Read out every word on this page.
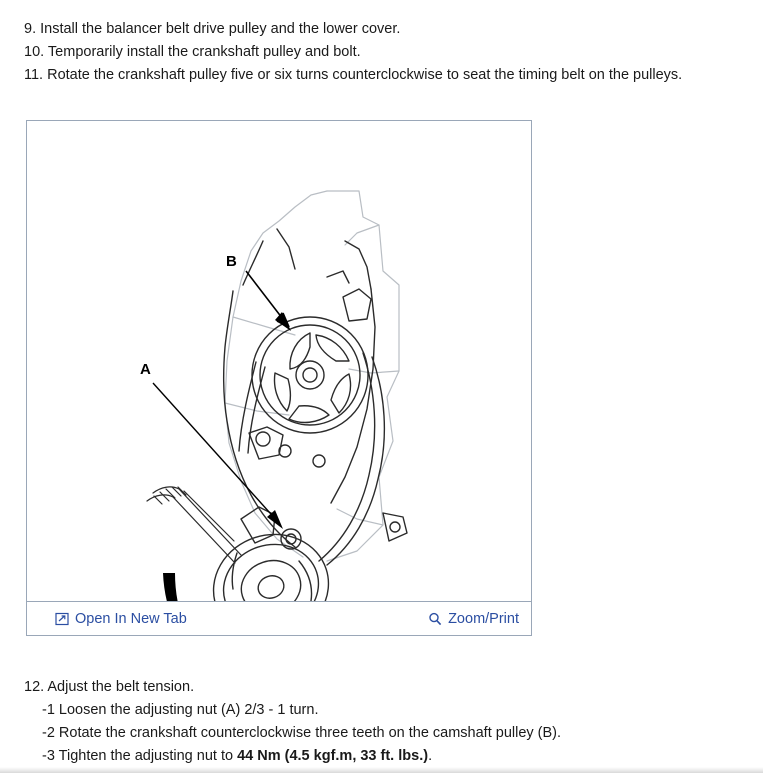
9. Install the balancer belt drive pulley and the lower cover.
10. Temporarily install the crankshaft pulley and bolt.
11. Rotate the crankshaft pulley five or six turns counterclockwise to seat the timing belt on the pulleys.
B
A
Open In New Tab	Zoom/Print
12. Adjust the belt tension.
-1 Loosen the adjusting nut (A) 2/3 - 1 turn.
-2 Rotate the crankshaft counterclockwise three teeth on the camshaft pulley (B).
-3 Tighten the adjusting nut to 44 Nm (4.5 kgf.m, 33 ft. lbs.).
